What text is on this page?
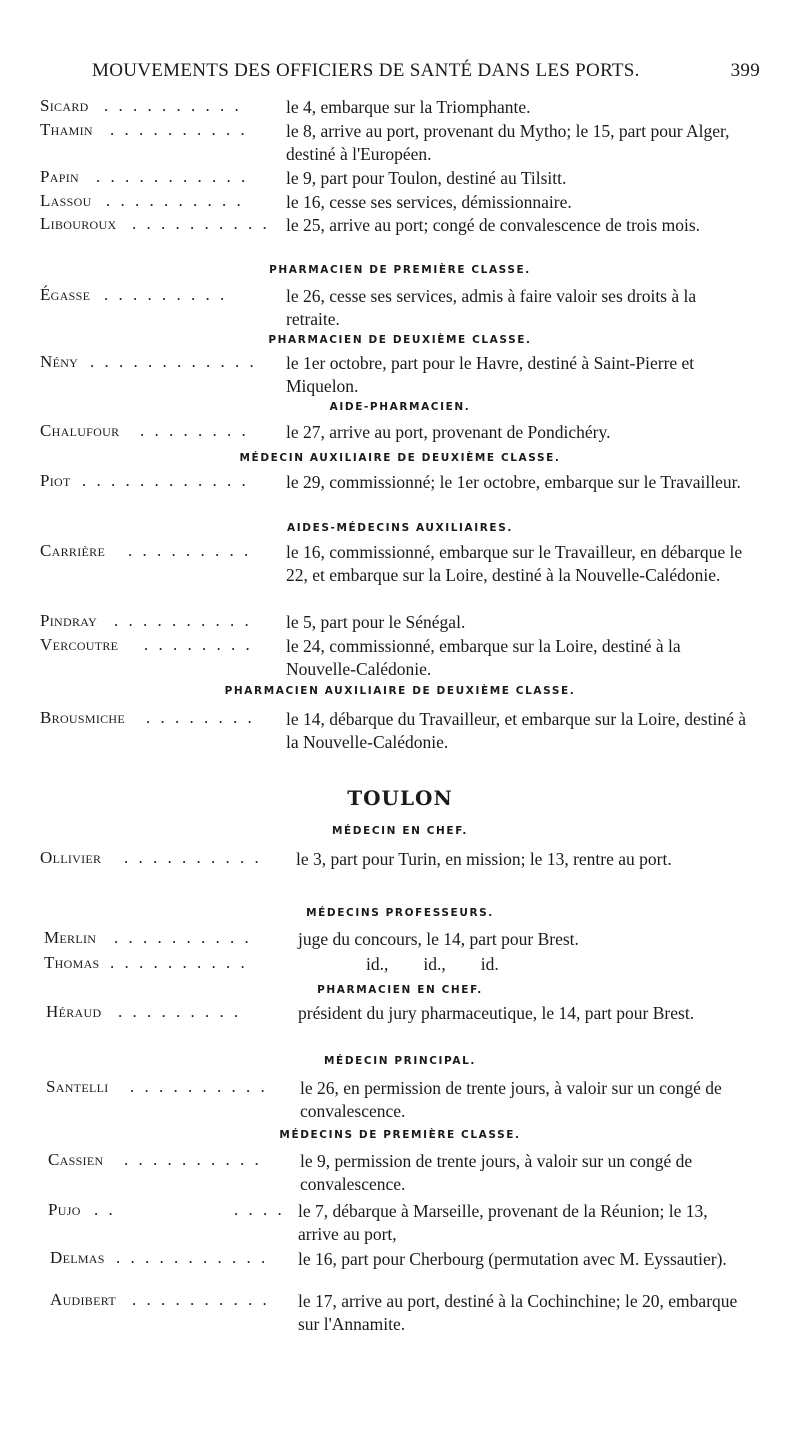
MOUVEMENTS DES OFFICIERS DE SANTÉ DANS LES PORTS.	399
Sicard . . . . . . . . . .	le 4, embarque sur la Triomphante.
Thamin . . . . . . . . . . le 8, arrive au port, provenant du Mytho; le 15, part pour Alger, destiné à l'Européen.
Papin . . . . . . . . . . . le 9, part pour Toulon, destiné au Tilsitt.
Lassou . . . . . . . . . . le 16, cesse ses services, démissionnaire.
Libouroux . . . . . . . . . . le 25, arrive au port; congé de convalescence de trois mois.
PHARMACIEN DE PREMIÈRE CLASSE.
Égasse . . . . . . . . .	le 26, cesse ses services, admis à faire valoir ses droits à la retraite.
PHARMACIEN DE DEUXIÈME CLASSE.
Nény . . . . . . . . . . . . le 1er octobre, part pour le Havre, destiné à Saint-Pierre et Miquelon.
AIDE-PHARMACIEN.
Chalufour . . . . . . . . le 27, arrive au port, provenant de Pondichéry.
MÉDECIN AUXILIAIRE DE DEUXIÈME CLASSE.
Piot . . . . . . . . . . . . le 29, commissionné; le 1er octobre, embarque sur le Travailleur.
AIDES-MÉDECINS AUXILIAIRES.
Carrière . . . . . . . . . le 16, commissionné, embarque sur le Travailleur, en débarque le 22, et embarque sur la Loire, destiné à la Nouvelle-Calédonie.
Pindray . . . . . . . . . . le 5, part pour le Sénégal.
Vercoutre . . . . . . . . le 24, commissionné, embarque sur la Loire, destiné à la Nouvelle-Calédonie.
PHARMACIEN AUXILIAIRE DE DEUXIÈME CLASSE.
Brousmiche . . . . . . . . le 14, débarque du Travailleur, et embarque sur la Loire, destiné à la Nouvelle-Calédonie.
TOULON
MÉDECIN EN CHEF.
Ollivier . . . . . . . . . . le 3, part pour Turin, en mission; le 13, rentre au port.
MÉDECINS PROFESSEURS.
Merlin . . . . . . . . . .	juge du concours, le 14, part pour Brest.
Thomas . . . . . . . . . .	id.,        id.,        id.
PHARMACIEN EN CHEF.
Héraud . . . . . . . . .	président du jury pharmaceutique, le 14, part pour Brest.
MÉDECIN PRINCIPAL.
Santelli . . . . . . . . . . le 26, en permission de trente jours, à valoir sur un congé de convalescence.
MÉDECINS DE PREMIÈRE CLASSE.
Cassien . . . . . . . . . . le 9, permission de trente jours, à valoir sur un congé de convalescence.
Pujo . .	. . . . le 7, débarque à Marseille, provenant de la Réunion; le 13, arrive au port,
Delmas . . . . . . . . . . . le 16, part pour Cherbourg (permutation avec M. Eyssautier).
Audibert . . . . . . . . . . le 17, arrive au port, destiné à la Cochinchine; le 20, embarque sur l'Annamite.
